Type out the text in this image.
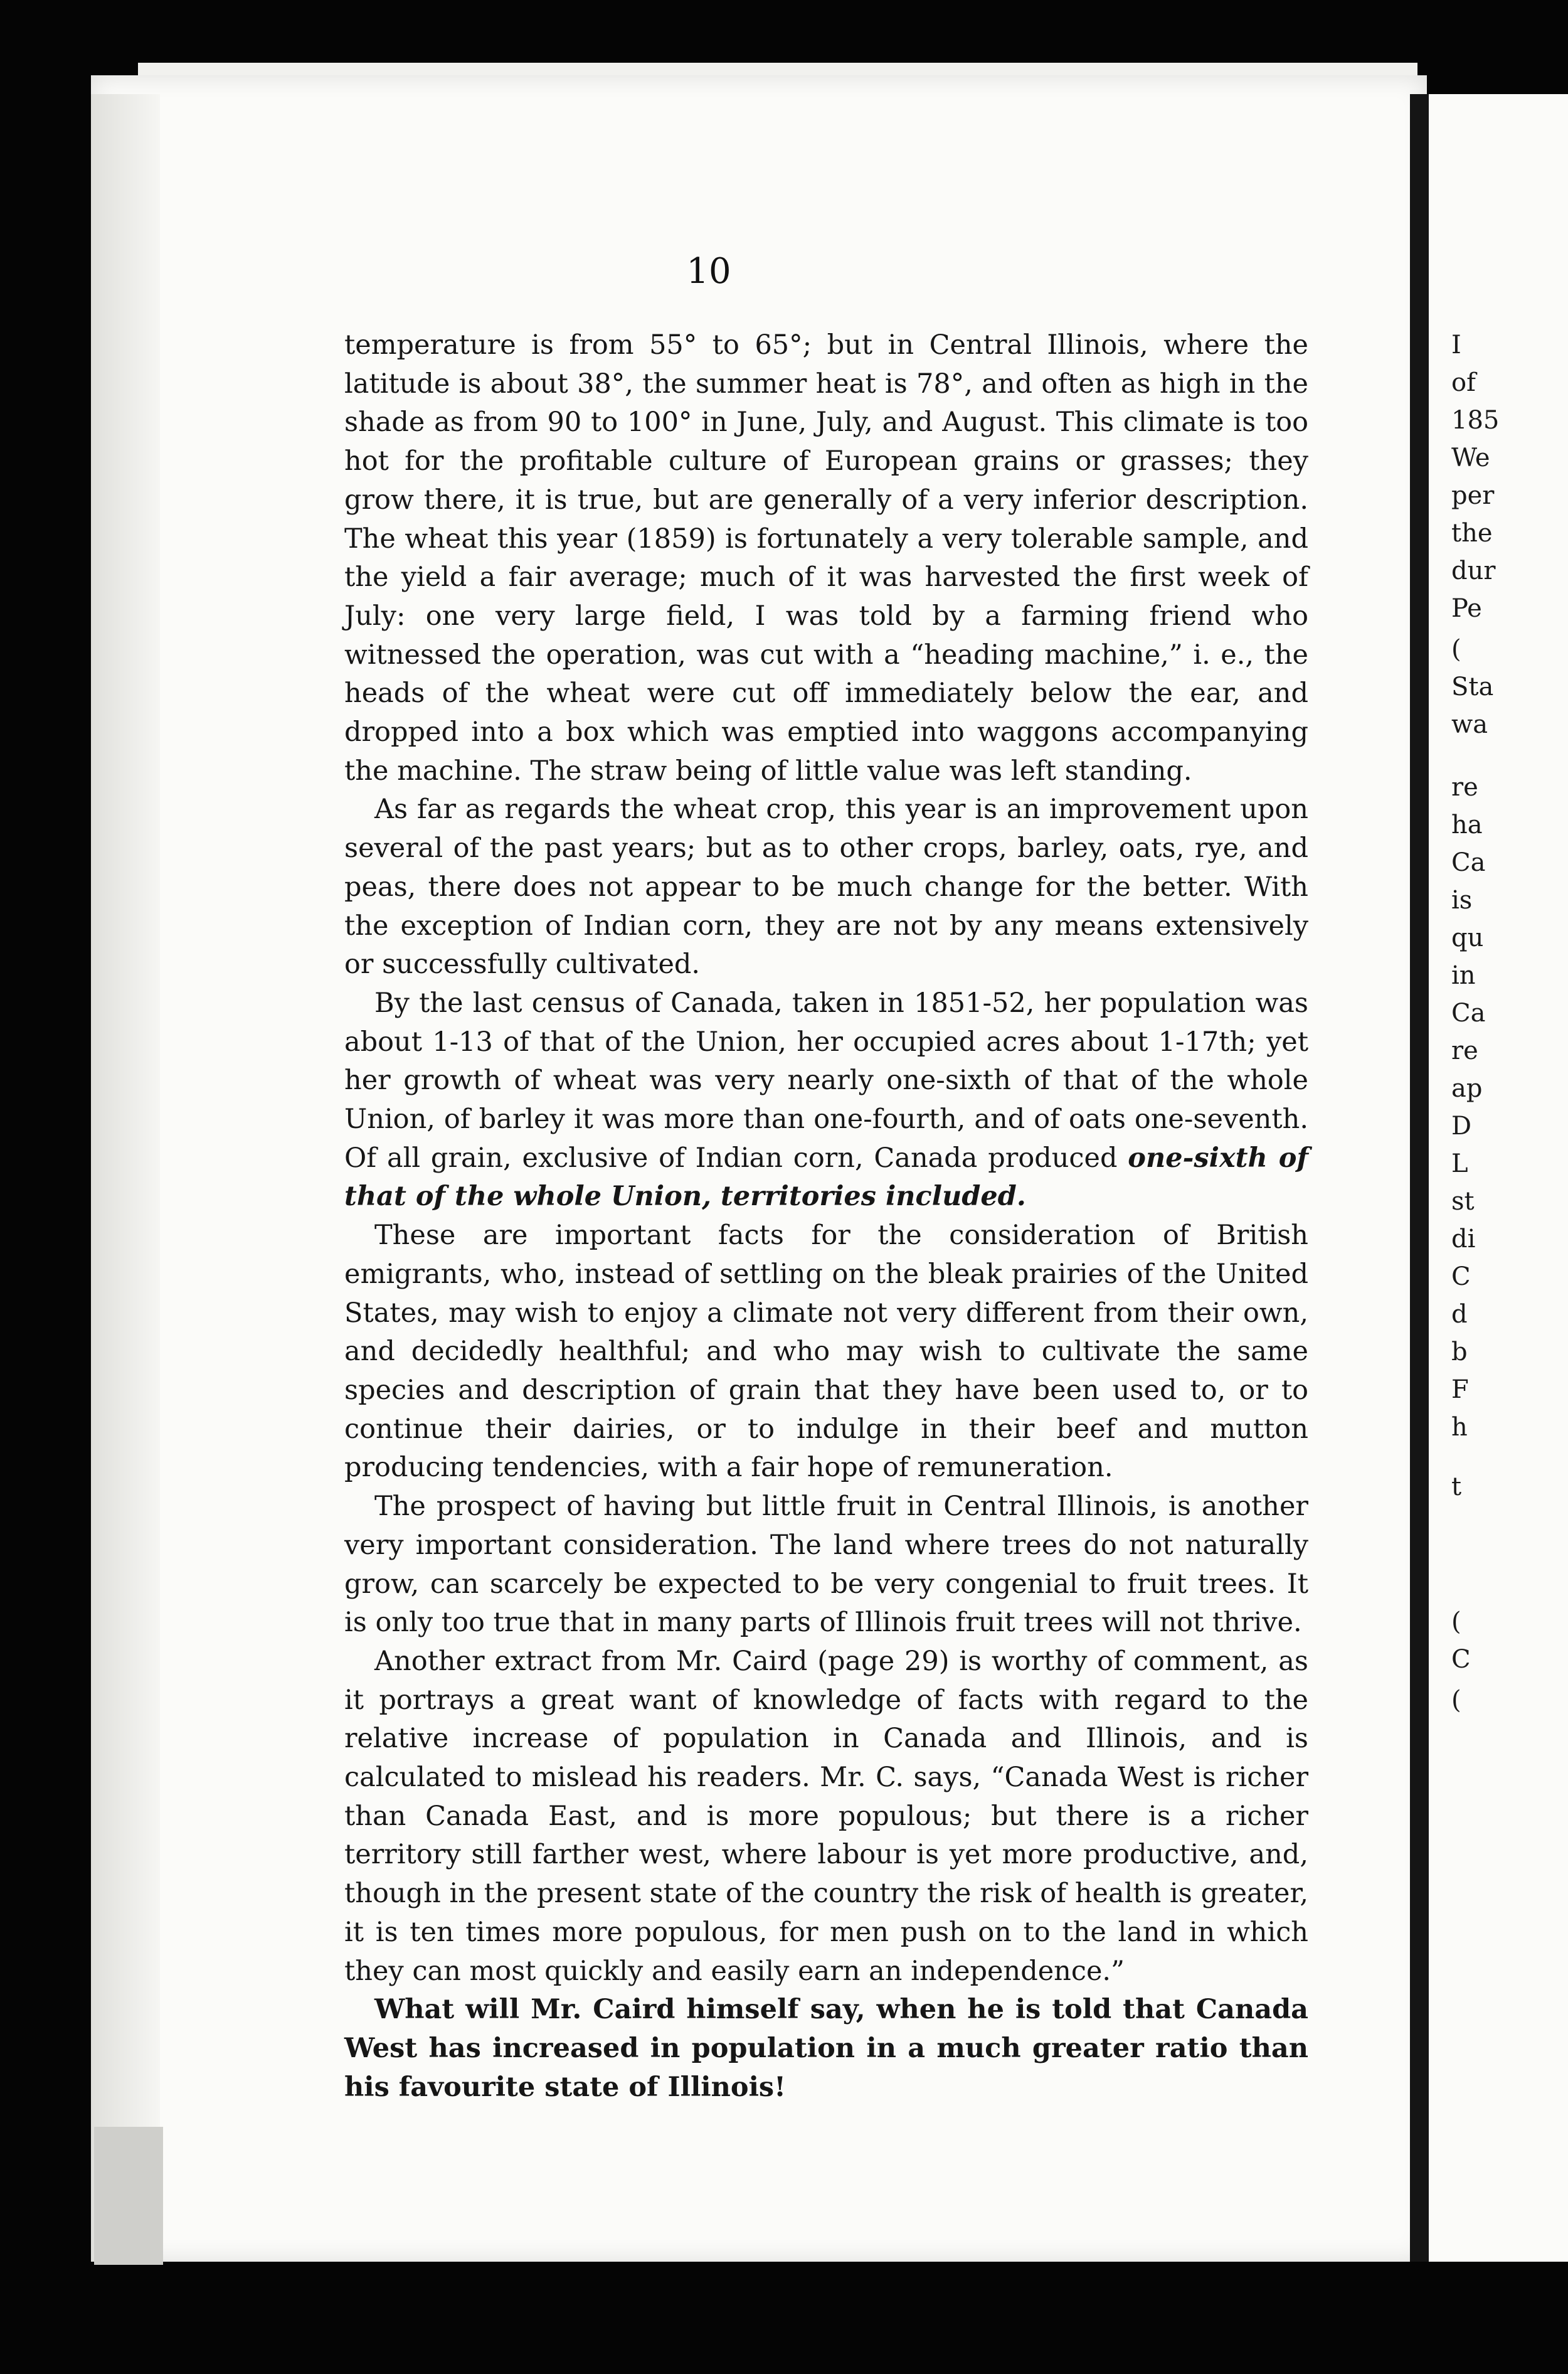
I
of
185
We
per
the
dur
Pe
(
Sta
wa
re
ha
Ca
is
qu
in
Ca
re
ap
D
L
st
di
C
d
b
F
h
t
(
C
(
10

temperature is from 55° to 65°; but in Central Illinois, where the latitude is about 38°, the summer heat is 78°, and often as high in the shade as from 90 to 100° in June, July, and August. This climate is too hot for the profitable culture of European grains or grasses; they grow there, it is true, but are generally of a very inferior description. The wheat this year (1859) is fortunately a very tolerable sample, and the yield a fair average; much of it was harvested the first week of July: one very large field, I was told by a farming friend who witnessed the operation, was cut with a “heading machine,” i. e., the heads of the wheat were cut off immediately below the ear, and dropped into a box which was emptied into waggons accompanying the machine. The straw being of little value was left standing.

As far as regards the wheat crop, this year is an improvement upon several of the past years; but as to other crops, barley, oats, rye, and peas, there does not appear to be much change for the better. With the exception of Indian corn, they are not by any means extensively or successfully cultivated.

By the last census of Canada, taken in 1851-52, her population was about 1-13 of that of the Union, her occupied acres about 1-17th; yet her growth of wheat was very nearly one-sixth of that of the whole Union, of barley it was more than one-fourth, and of oats one-seventh. Of all grain, exclusive of Indian corn, Canada produced one-sixth of that of the whole Union, territories included.

These are important facts for the consideration of British emigrants, who, instead of settling on the bleak prairies of the United States, may wish to enjoy a climate not very different from their own, and decidedly healthful; and who may wish to cultivate the same species and description of grain that they have been used to, or to continue their dairies, or to indulge in their beef and mutton producing tendencies, with a fair hope of remuneration.

The prospect of having but little fruit in Central Illinois, is another very important consideration. The land where trees do not naturally grow, can scarcely be expected to be very congenial to fruit trees. It is only too true that in many parts of Illinois fruit trees will not thrive.

Another extract from Mr. Caird (page 29) is worthy of comment, as it portrays a great want of knowledge of facts with regard to the relative increase of population in Canada and Illinois, and is calculated to mislead his readers. Mr. C. says, “Canada West is richer than Canada East, and is more populous; but there is a richer territory still farther west, where labour is yet more productive, and, though in the present state of the country the risk of health is greater, it is ten times more populous, for men push on to the land in which they can most quickly and easily earn an independence.”

What will Mr. Caird himself say, when he is told that Canada West has increased in population in a much greater ratio than his favourite state of Illinois!
